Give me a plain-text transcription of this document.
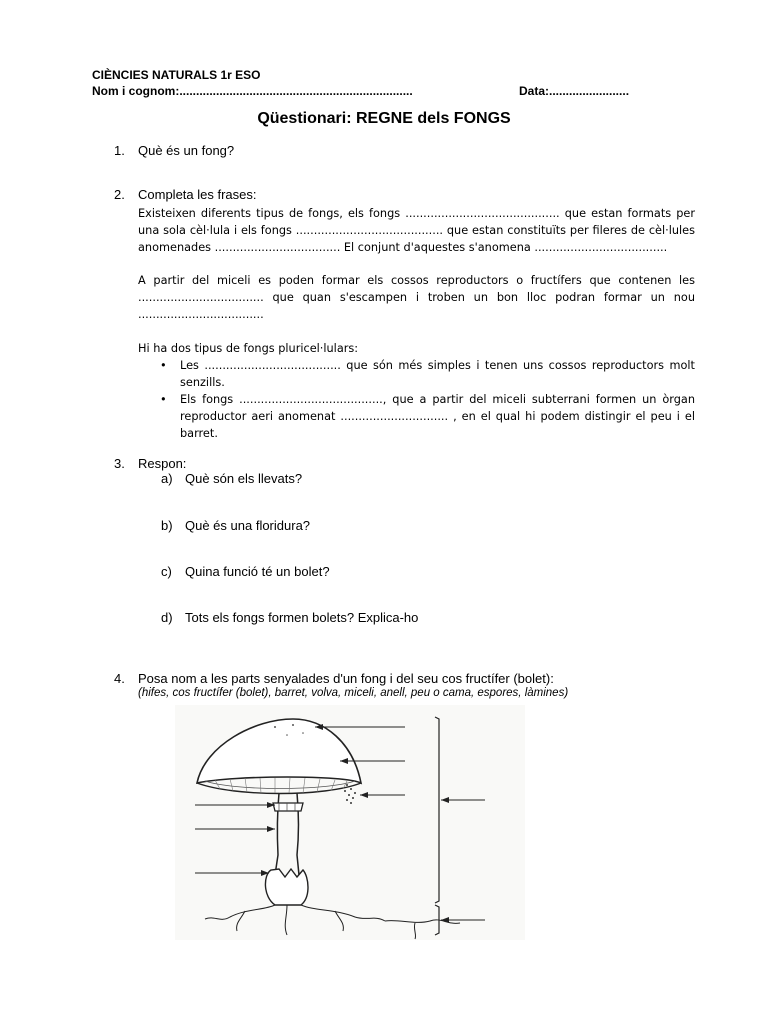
CIÈNCIES NATURALS 1r ESO
Nom i cognom:......................................................................	Data:........................
Qüestionari: REGNE dels FONGS
1. Què és un fong?
2. Completa les frases:

Existeixen diferents tipus de fongs, els fongs ........................................... que estan formats per una sola cèl·lula i els fongs ......................................... que estan constituïts per fileres de cèl·lules anomenades ................................... El conjunt d'aquestes s'anomena .....................................

A partir del miceli es poden formar els cossos reproductors o fructífers que contenen les ................................... que quan s'escampen i troben un bon lloc podran formar un nou ...................................

Hi ha dos tipus de fongs pluricel·lulars:

• Les ...................................... que són més simples i tenen uns cossos reproductors molt senzills.

• Els fongs ........................................, que a partir del miceli subterrani formen un òrgan reproductor aeri anomenat .............................. , en el qual hi podem distingir el peu i el barret.

3. Respon:
a) Què són els llevats?
b) Què és una floridura?
c) Quina funció té un bolet?
d) Tots els fongs formen bolets? Explica-ho
4. Posa nom a les parts senyalades d'un fong i del seu cos fructífer (bolet):
(hifes, cos fructífer (bolet), barret, volva, miceli, anell, peu o cama, espores, làmines)
